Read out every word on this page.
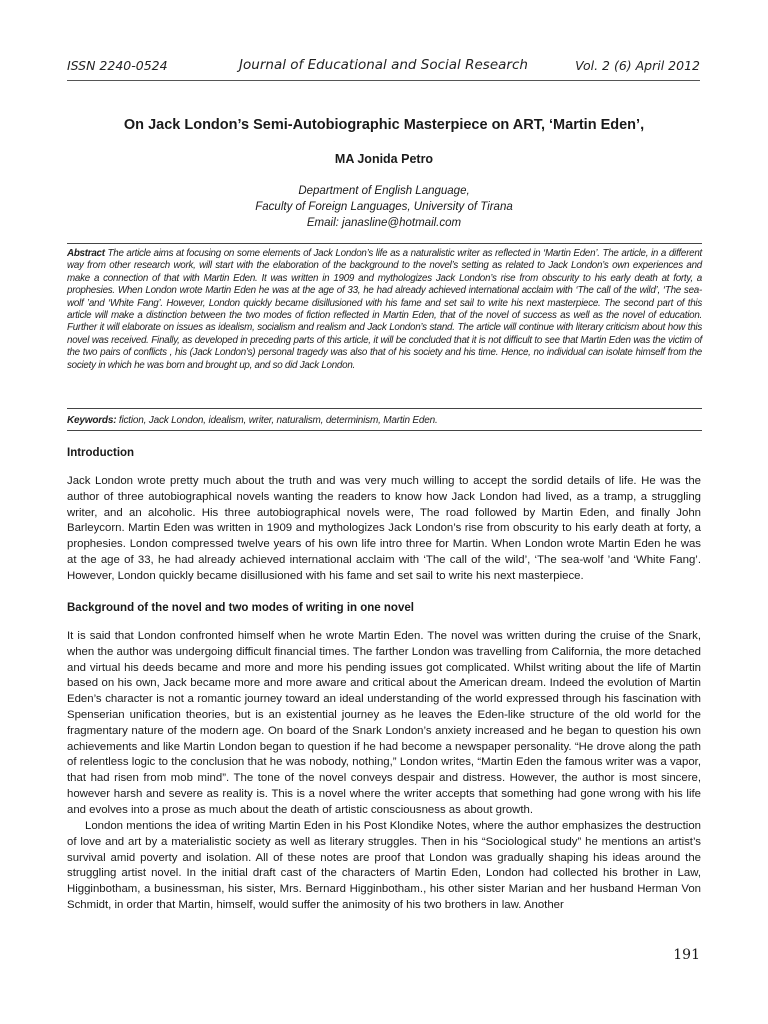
ISSN 2240-0524	Journal of Educational and Social Research	Vol. 2 (6) April 2012
On Jack London’s Semi-Autobiographic Masterpiece on ART, ‘Martin Eden’,
MA Jonida Petro
Department of English Language,
Faculty of Foreign Languages, University of Tirana
Email: janasline@hotmail.com
Abstract The article aims at focusing on some elements of Jack London’s life as a naturalistic writer as reflected in ‘Martin Eden’. The article, in a different way from other research work, will start with the elaboration of the background to the novel’s setting as related to Jack London’s own experiences and make a connection of that with Martin Eden. It was written in 1909 and mythologizes Jack London’s rise from obscurity to his early death at forty, a prophesies. When London wrote Martin Eden he was at the age of 33, he had already achieved international acclaim with ‘The call of the wild’, ‘The sea-wolf ’and ‘White Fang’. However, London quickly became disillusioned with his fame and set sail to write his next masterpiece. The second part of this article will make a distinction between the two modes of fiction reflected in Martin Eden, that of the novel of success as well as the novel of education. Further it will elaborate on issues as idealism, socialism and realism and Jack London’s stand. The article will continue with literary criticism about how this novel was received. Finally, as developed in preceding parts of this article, it will be concluded that it is not difficult to see that Martin Eden was the victim of the two pairs of conflicts , his (Jack London’s) personal tragedy was also that of his society and his time. Hence, no individual can isolate himself from the society in which he was born and brought up, and so did Jack London.
Keywords: fiction, Jack London, idealism, writer, naturalism, determinism, Martin Eden.
Introduction

Jack London wrote pretty much about the truth and was very much willing to accept the sordid details of life. He was the author of three autobiographical novels wanting the readers to know how Jack London had lived, as a tramp, a struggling writer, and an alcoholic. His three autobiographical novels were, The road followed by Martin Eden, and finally John Barleycorn. Martin Eden was written in 1909 and mythologizes Jack London’s rise from obscurity to his early death at forty, a prophesies. London compressed twelve years of his own life intro three for Martin. When London wrote Martin Eden he was at the age of 33, he had already achieved international acclaim with ‘The call of the wild’, ‘The sea-wolf ’and ‘White Fang’. However, London quickly became disillusioned with his fame and set sail to write his next masterpiece.

Background of the novel and two modes of writing in one novel

It is said that London confronted himself when he wrote Martin Eden. The novel was written during the cruise of the Snark, when the author was undergoing difficult financial times. The farther London was travelling from California, the more detached and virtual his deeds became and more and more his pending issues got complicated. Whilst writing about the life of Martin based on his own, Jack became more and more aware and critical about the American dream. Indeed the evolution of Martin Eden’s character is not a romantic journey toward an ideal understanding of the world expressed through his fascination with Spenserian unification theories, but is an existential journey as he leaves the Eden-like structure of the old world for the fragmentary nature of the modern age. On board of the Snark London’s anxiety increased and he began to question his own achievements and like Martin London began to question if he had become a newspaper personality. “He drove along the path of relentless logic to the conclusion that he was nobody, nothing,” London writes, “Martin Eden the famous writer was a vapor, that had risen from mob mind”. The tone of the novel conveys despair and distress. However, the author is most sincere, however harsh and severe as reality is. This is a novel where the writer accepts that something had gone wrong with his life and evolves into a prose as much about the death of artistic consciousness as about growth.

London mentions the idea of writing Martin Eden in his Post Klondike Notes, where the author emphasizes the destruction of love and art by a materialistic society as well as literary struggles. Then in his “Sociological study” he mentions an artist’s survival amid poverty and isolation. All of these notes are proof that London was gradually shaping his ideas around the struggling artist novel. In the initial draft cast of the characters of Martin Eden, London had collected his brother in Law, Higginbotham, a businessman, his sister, Mrs. Bernard Higginbotham., his other sister Marian and her husband Herman Von Schmidt, in order that Martin, himself, would suffer the animosity of his two brothers in law. Another

191
